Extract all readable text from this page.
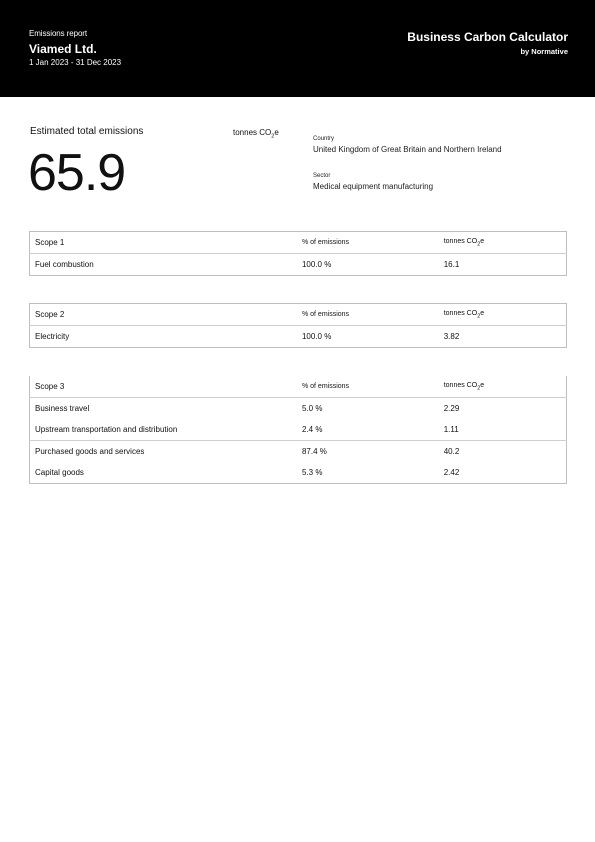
Emissions report
Viamed Ltd.
1 Jan 2023 - 31 Dec 2023
Business Carbon Calculator
by Normative
Estimated total emissions
65.9
tonnes $CO_2e$
Country
United Kingdom of Great Britain and Northern Ireland
Sector
Medical equipment manufacturing
Scope 1	% of emissions	tonnes $CO_2e$
Fuel combustion	100.0 %	16.1
Scope 2	% of emissions	tonnes $CO_2e$
Electricity	100.0 %	3.82
Scope 3	% of emissions	tonnes $CO_2e$
Business travel	5.0 %	2.29
Upstream transportation and distribution	2.4 %	1.11
Purchased goods and services	87.4 %	40.2
Capital goods	5.3 %	2.42
